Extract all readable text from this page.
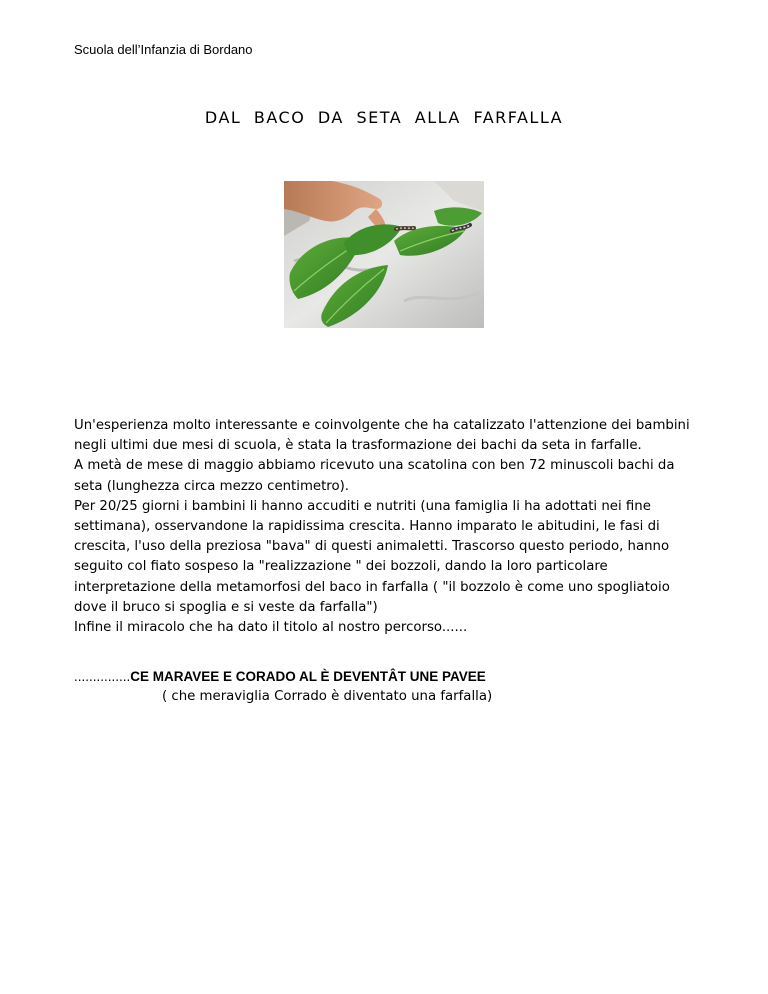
Scuola dell’Infanzia di Bordano
DAL BACO DA SETA ALLA FARFALLA

Un'esperienza molto interessante e coinvolgente che ha catalizzato l'attenzione dei bambini negli ultimi due mesi di scuola, è stata la trasformazione dei bachi da seta in farfalle.

A metà de mese di maggio abbiamo ricevuto una scatolina con ben 72 minuscoli bachi da seta (lunghezza circa mezzo centimetro).

Per 20/25 giorni i bambini li hanno accuditi e nutriti (una famiglia li ha adottati nei fine settimana), osservandone la rapidissima crescita. Hanno imparato le abitudini, le fasi di crescita, l'uso della preziosa "bava" di questi animaletti. Trascorso questo periodo, hanno seguito col fiato sospeso la "realizzazione " dei bozzoli, dando la loro particolare interpretazione della metamorfosi del baco in farfalla ( "il bozzolo è come uno spogliatoio dove il bruco si spoglia e si veste da farfalla")

Infine il miracolo che ha dato il titolo al nostro percorso......

...............CE MARAVEE E CORADO AL È DEVENTÂT UNE PAVEE
( che meraviglia Corrado è diventato una farfalla)
